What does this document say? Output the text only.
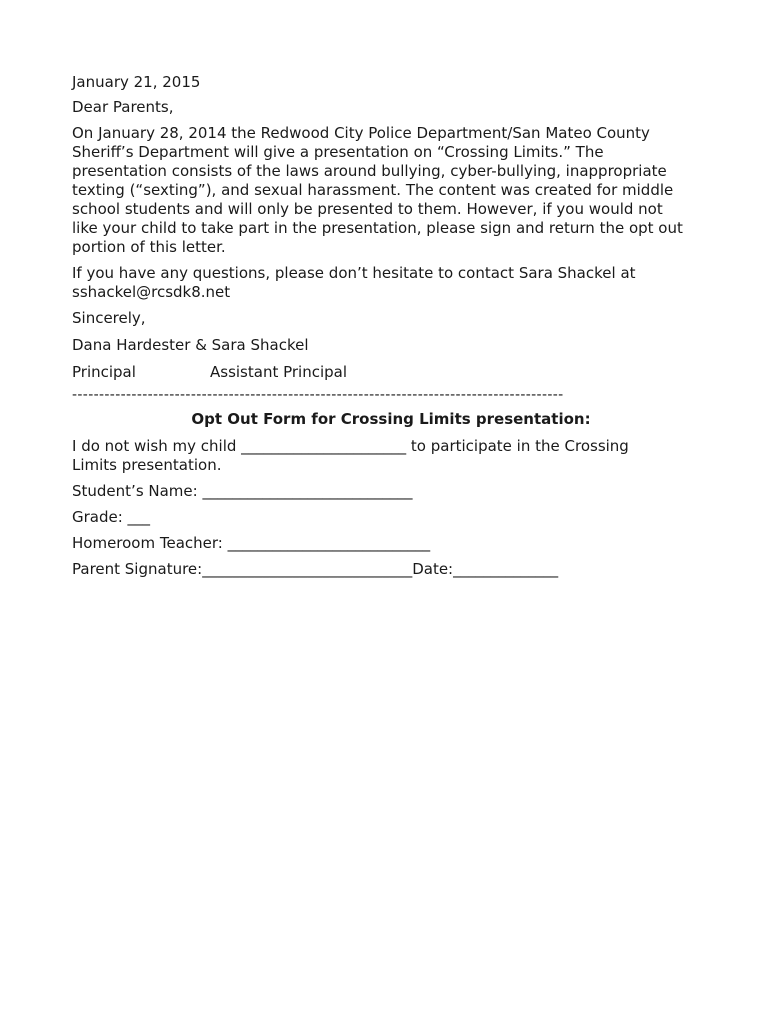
January 21, 2015

Dear Parents,

On January 28, 2014 the Redwood City Police Department/San Mateo County
Sheriff’s Department will give a presentation on “Crossing Limits.” The
presentation consists of the laws around bullying, cyber-bullying, inappropriate
texting (“sexting”), and sexual harassment. The content was created for middle
school students and will only be presented to them. However, if you would not
like your child to take part in the presentation, please sign and return the opt out
portion of this letter.

If you have any questions, please don’t hesitate to contact Sara Shackel at
sshackel@rcsdk8.net

Sincerely,

Dana Hardester & Sara Shackel

Principal	Assistant Principal

-------------------------------------------------------------------------------------------

Opt Out Form for Crossing Limits presentation:

I do not wish my child ______________________ to participate in the Crossing
Limits presentation.

Student’s Name: ____________________________

Grade: ___

Homeroom Teacher: ___________________________

Parent Signature:____________________________Date:______________
